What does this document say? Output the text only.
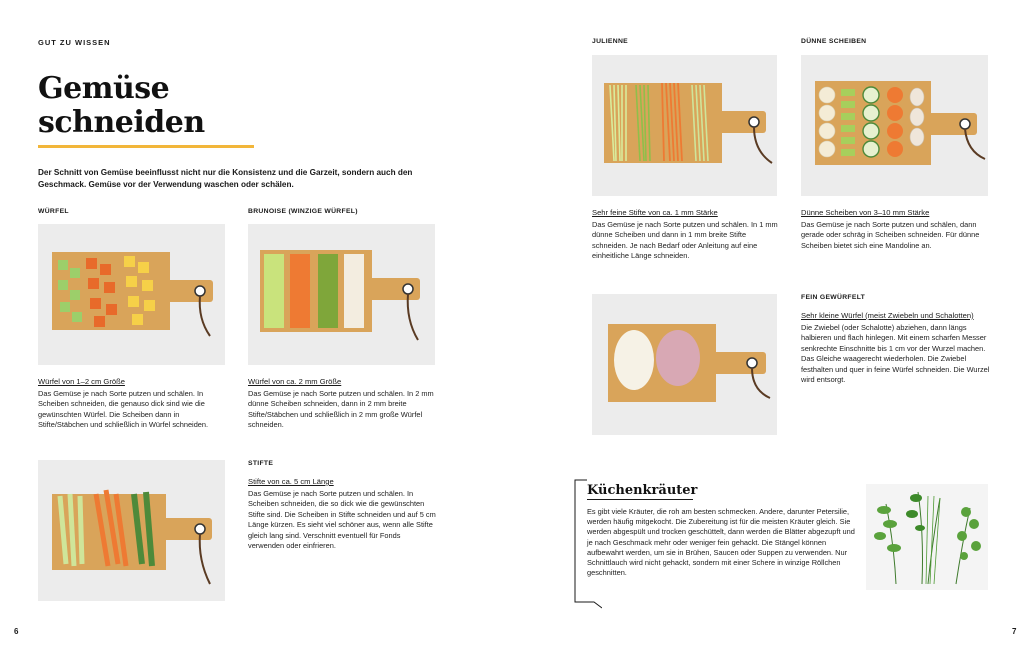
GUT ZU WISSEN
Gemüse
schneiden
Der Schnitt von Gemüse beeinflusst nicht nur die Konsistenz und die Garzeit, sondern auch den Geschmack. Gemüse vor der Verwendung waschen oder schälen.
WÜRFEL
Würfel von 1–2 cm Größe
Das Gemüse je nach Sorte putzen und schälen. In Scheiben schneiden, die genauso dick sind wie die gewünschten Würfel. Die Scheiben dann in Stifte/Stäbchen und schließlich in Würfel schneiden.
BRUNOISE (WINZIGE WÜRFEL)
Würfel von ca. 2 mm Größe
Das Gemüse je nach Sorte putzen und schälen. In 2 mm dünne Scheiben schneiden, dann in 2 mm breite Stifte/Stäbchen und schließlich in 2 mm große Würfel schneiden.
STIFTE
Stifte von ca. 5 cm Länge
Das Gemüse je nach Sorte putzen und schälen. In Scheiben schneiden, die so dick wie die gewünschten Stifte sind. Die Scheiben in Stifte schneiden und auf 5 cm Länge kürzen. Es sieht viel schöner aus, wenn alle Stifte gleich lang sind. Verschnitt eventuell für Fonds verwenden oder einfrieren.
6
JULIENNE
Sehr feine Stifte von ca. 1 mm Stärke
Das Gemüse je nach Sorte putzen und schälen. In 1 mm dünne Scheiben und dann in 1 mm breite Stifte schneiden. Je nach Bedarf oder Anleitung auf eine einheitliche Länge schneiden.
DÜNNE SCHEIBEN
Dünne Scheiben von 3–10 mm Stärke
Das Gemüse je nach Sorte putzen und schälen, dann gerade oder schräg in Scheiben schneiden. Für dünne Scheiben bietet sich eine Mandoline an.
FEIN GEWÜRFELT
Sehr kleine Würfel (meist Zwiebeln und Schalotten)
Die Zwiebel (oder Schalotte) abziehen, dann längs halbieren und flach hinlegen. Mit einem scharfen Messer senkrechte Einschnitte bis 1 cm vor der Wurzel machen. Das Gleiche waagerecht wiederholen. Die Zwiebel festhalten und quer in feine Würfel schneiden. Die Wurzel wird entsorgt.
Küchenkräuter
Es gibt viele Kräuter, die roh am besten schmecken. Andere, darunter Petersilie, werden häufig mitgekocht. Die Zubereitung ist für die meisten Kräuter gleich. Sie werden abgespült und trocken geschüttelt, dann werden die Blätter abgezupft und je nach Geschmack mehr oder weniger fein gehackt. Die Stängel können aufbewahrt werden, um sie in Brühen, Saucen oder Suppen zu verwenden. Nur Schnittlauch wird nicht gehackt, sondern mit einer Schere in winzige Röllchen geschnitten.
7
